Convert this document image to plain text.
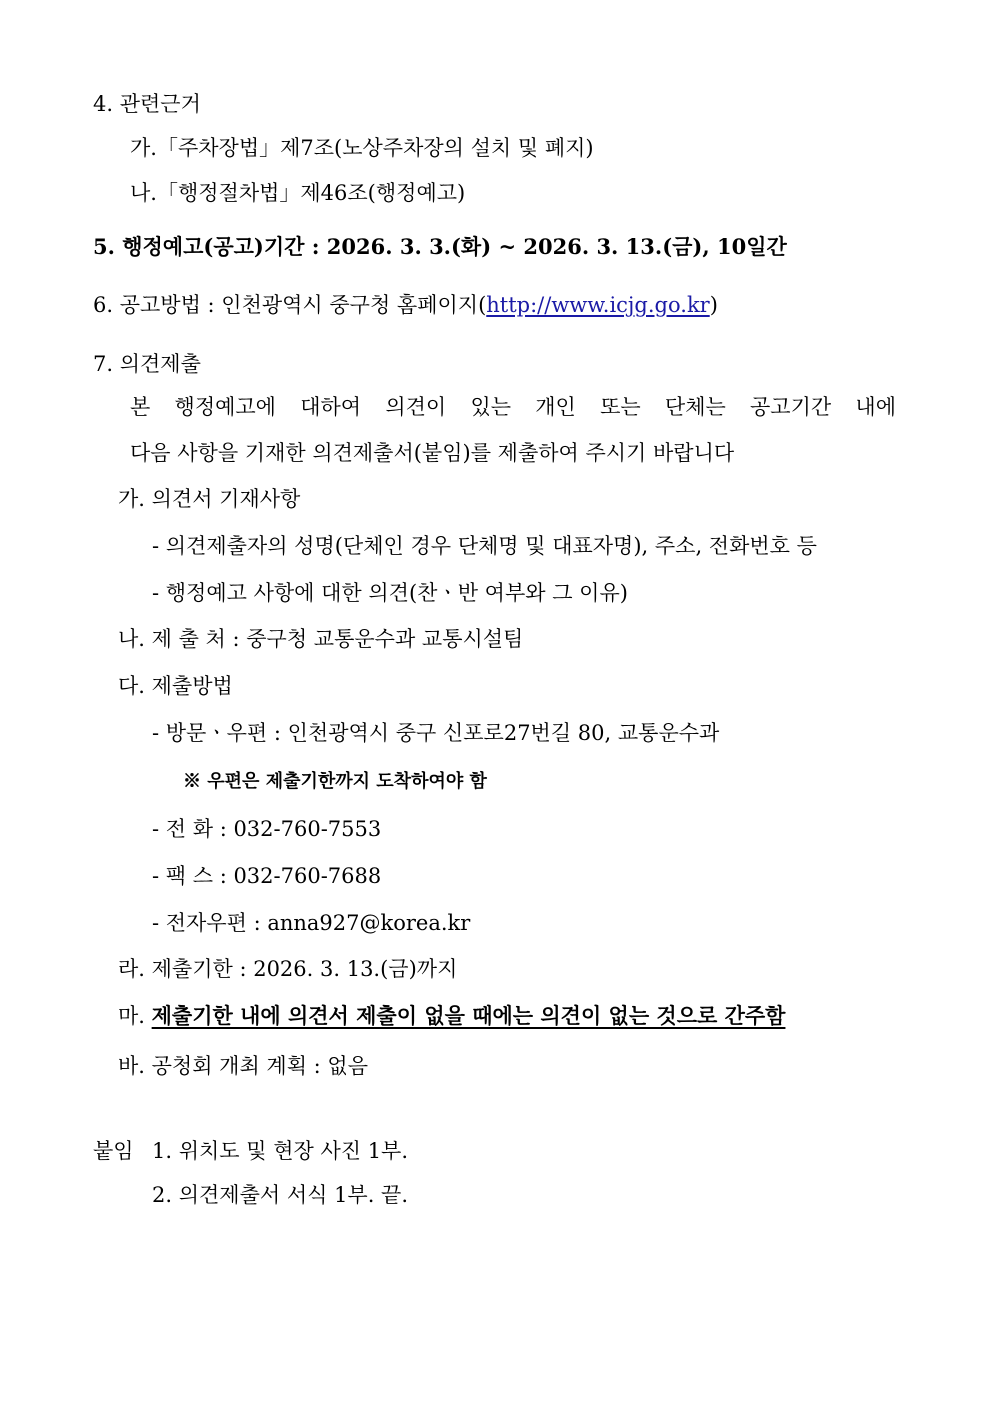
4. 관련근거
가.「주차장법」제7조(노상주차장의 설치 및 폐지)
나.「행정절차법」제46조(행정예고)
5. 행정예고(공고)기간 : 2026. 3. 3.(화) ~ 2026. 3. 13.(금), 10일간
6. 공고방법 : 인천광역시 중구청 홈페이지(http://www.icjg.go.kr)
7. 의견제출
본 행정예고에 대하여 의견이 있는 개인 또는 단체는 공고기간 내에
다음 사항을 기재한 의견제출서(붙임)를 제출하여 주시기 바랍니다
가. 의견서 기재사항
- 의견제출자의 성명(단체인 경우 단체명 및 대표자명), 주소, 전화번호 등
- 행정예고 사항에 대한 의견(찬ㆍ반 여부와 그 이유)
나. 제 출 처 : 중구청 교통운수과 교통시설팀
다. 제출방법
- 방문ㆍ우편 : 인천광역시 중구 신포로27번길 80, 교통운수과
※ 우편은 제출기한까지 도착하여야 함
- 전 화 : 032-760-7553
- 팩 스 : 032-760-7688
- 전자우편 : anna927@korea.kr
라. 제출기한 : 2026. 3. 13.(금)까지
마. 제출기한 내에 의견서 제출이 없을 때에는 의견이 없는 것으로 간주함
바. 공청회 개최 계획 : 없음
붙임 1. 위치도 및 현장 사진 1부.
2. 의견제출서 서식 1부. 끝.
